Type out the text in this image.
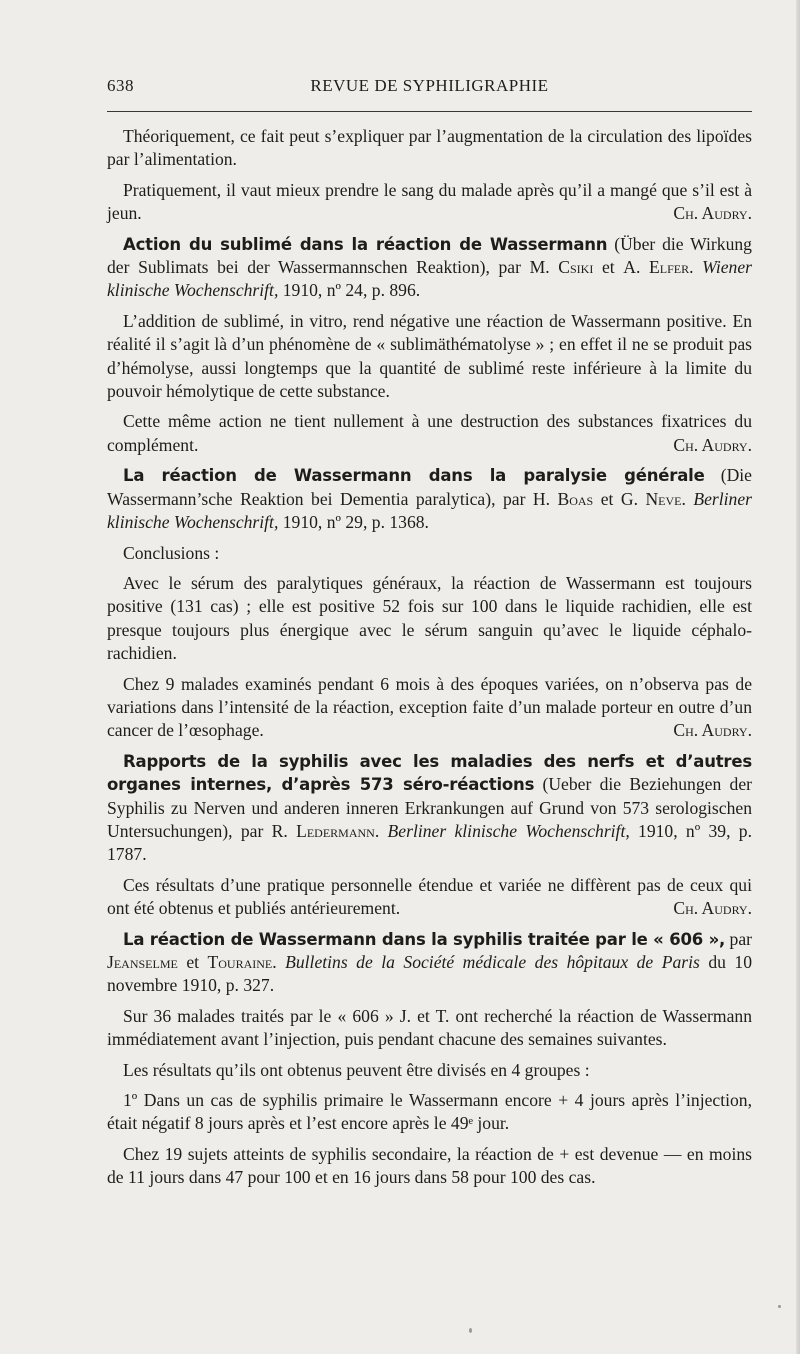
638	REVUE DE SYPHILIGRAPHIE

Théoriquement, ce fait peut s’expliquer par l’augmentation de la circulation des lipoïdes par l’alimentation.

Pratiquement, il vaut mieux prendre le sang du malade après qu’il a mangé que s’il est à jeun.	Ch. Audry.

Action du sublimé dans la réaction de Wassermann (Über die Wirkung der Sublimats bei der Wassermannschen Reaktion), par M. Csiki et A. Elfer. Wiener klinische Wochenschrift, 1910, nº 24, p. 896.

L’addition de sublimé, in vitro, rend négative une réaction de Wassermann positive. En réalité il s’agit là d’un phénomène de « sublimäthématolyse » ; en effet il ne se produit pas d’hémolyse, aussi longtemps que la quantité de sublimé reste inférieure à la limite du pouvoir hémolytique de cette substance.

Cette même action ne tient nullement à une destruction des substances fixatrices du complément.	Ch. Audry.

La réaction de Wassermann dans la paralysie générale (Die Wassermann’sche Reaktion bei Dementia paralytica), par H. Boas et G. Neve. Berliner klinische Wochenschrift, 1910, nº 29, p. 1368.

Conclusions :

Avec le sérum des paralytiques généraux, la réaction de Wassermann est toujours positive (131 cas) ; elle est positive 52 fois sur 100 dans le liquide rachidien, elle est presque toujours plus énergique avec le sérum sanguin qu’avec le liquide céphalo-rachidien.

Chez 9 malades examinés pendant 6 mois à des époques variées, on n’observa pas de variations dans l’intensité de la réaction, exception faite d’un malade porteur en outre d’un cancer de l’œsophage.	Ch. Audry.

Rapports de la syphilis avec les maladies des nerfs et d’autres organes internes, d’après 573 séro-réactions (Ueber die Beziehungen der Syphilis zu Nerven und anderen inneren Erkrankungen auf Grund von 573 serologischen Untersuchungen), par R. Ledermann. Berliner klinische Wochenschrift, 1910, nº 39, p. 1787.

Ces résultats d’une pratique personnelle étendue et variée ne diffèrent pas de ceux qui ont été obtenus et publiés antérieurement.	Ch. Audry.

La réaction de Wassermann dans la syphilis traitée par le « 606 », par Jeanselme et Touraine. Bulletins de la Société médicale des hôpitaux de Paris du 10 novembre 1910, p. 327.

Sur 36 malades traités par le « 606 » J. et T. ont recherché la réaction de Wassermann immédiatement avant l’injection, puis pendant chacune des semaines suivantes.

Les résultats qu’ils ont obtenus peuvent être divisés en 4 groupes :

1º Dans un cas de syphilis primaire le Wassermann encore + 4 jours après l’injection, était négatif 8 jours après et l’est encore après le 49ᵉ jour.

Chez 19 sujets atteints de syphilis secondaire, la réaction de + est devenue — en moins de 11 jours dans 47 pour 100 et en 16 jours dans 58 pour 100 des cas.
